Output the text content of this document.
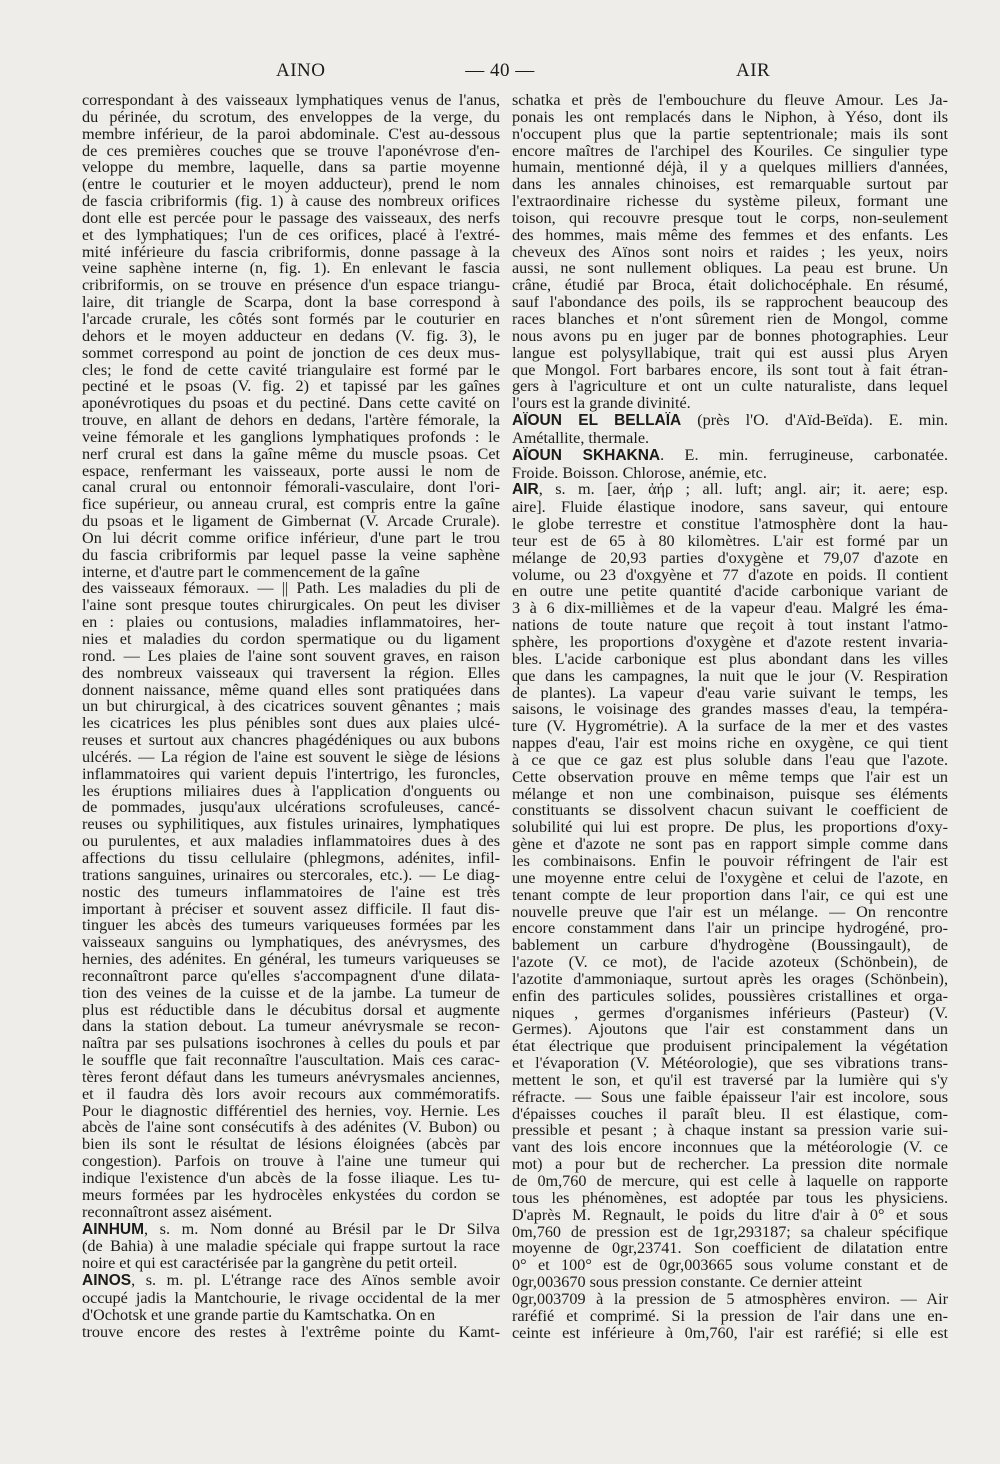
AINO	— 40 —	AIR
correspondant à des vaisseaux lymphatiques venus de l'anus,
du périnée, du scrotum, des enveloppes de la verge, du
membre inférieur, de la paroi abdominale. C'est au-dessous
de ces premières couches que se trouve l'aponévrose d'en-
veloppe du membre, laquelle, dans sa partie moyenne
(entre le couturier et le moyen adducteur), prend le nom
de fascia cribriformis (fig. 1) à cause des nombreux orifices
dont elle est percée pour le passage des vaisseaux, des nerfs
et des lymphatiques; l'un de ces orifices, placé à l'extré-
mité inférieure du fascia cribriformis, donne passage à la
veine saphène interne (n, fig. 1). En enlevant le fascia
cribriformis, on se trouve en présence d'un espace triangu-
laire, dit triangle de Scarpa, dont la base correspond à
l'arcade crurale, les côtés sont formés par le couturier en
dehors et le moyen adducteur en dedans (V. fig. 3), le
sommet correspond au point de jonction de ces deux mus-
cles; le fond de cette cavité triangulaire est formé par le
pectiné et le psoas (V. fig. 2) et tapissé par les gaînes
aponévrotiques du psoas et du pectiné. Dans cette cavité on
trouve, en allant de dehors en dedans, l'artère fémorale, la
veine fémorale et les ganglions lymphatiques profonds : le
nerf crural est dans la gaîne même du muscle psoas. Cet
espace, renfermant les vaisseaux, porte aussi le nom de
canal crural ou entonnoir fémorali-vasculaire, dont l'ori-
fice supérieur, ou anneau crural, est compris entre la gaîne
du psoas et le ligament de Gimbernat (V. Arcade Crurale).
On lui décrit comme orifice inférieur, d'une part le trou
du fascia cribriformis par lequel passe la veine saphène
interne, et d'autre part le commencement de la gaîne
des vaisseaux fémoraux. — || Path. Les maladies du pli de
l'aine sont presque toutes chirurgicales. On peut les diviser
en : plaies ou contusions, maladies inflammatoires, her-
nies et maladies du cordon spermatique ou du ligament
rond. — Les plaies de l'aine sont souvent graves, en raison
des nombreux vaisseaux qui traversent la région. Elles
donnent naissance, même quand elles sont pratiquées dans
un but chirurgical, à des cicatrices souvent gênantes ; mais
les cicatrices les plus pénibles sont dues aux plaies ulcé-
reuses et surtout aux chancres phagédéniques ou aux bubons
ulcérés. — La région de l'aine est souvent le siège de lésions
inflammatoires qui varient depuis l'intertrigo, les furoncles,
les éruptions miliaires dues à l'application d'onguents ou
de pommades, jusqu'aux ulcérations scrofuleuses, cancé-
reuses ou syphilitiques, aux fistules urinaires, lymphatiques
ou purulentes, et aux maladies inflammatoires dues à des
affections du tissu cellulaire (phlegmons, adénites, infil-
trations sanguines, urinaires ou stercorales, etc.). — Le diag-
nostic des tumeurs inflammatoires de l'aine est très
important à préciser et souvent assez difficile. Il faut dis-
tinguer les abcès des tumeurs variqueuses formées par les
vaisseaux sanguins ou lymphatiques, des anévrysmes, des
hernies, des adénites. En général, les tumeurs variqueuses se
reconnaîtront parce qu'elles s'accompagnent d'une dilata-
tion des veines de la cuisse et de la jambe. La tumeur de
plus est réductible dans le décubitus dorsal et augmente
dans la station debout. La tumeur anévrysmale se recon-
naîtra par ses pulsations isochrones à celles du pouls et par
le souffle que fait reconnaître l'auscultation. Mais ces carac-
tères feront défaut dans les tumeurs anévrysmales anciennes,
et il faudra dès lors avoir recours aux commémoratifs.
Pour le diagnostic différentiel des hernies, voy. Hernie. Les
abcès de l'aine sont consécutifs à des adénites (V. Bubon) ou
bien ils sont le résultat de lésions éloignées (abcès par
congestion). Parfois on trouve à l'aine une tumeur qui
indique l'existence d'un abcès de la fosse iliaque. Les tu-
meurs formées par les hydrocèles enkystées du cordon se
reconnaîtront assez aisément.
AINHUM, s. m. Nom donné au Brésil par le Dr Silva
(de Bahia) à une maladie spéciale qui frappe surtout la race
noire et qui est caractérisée par la gangrène du petit orteil.
AINOS, s. m. pl. L'étrange race des Aïnos semble avoir
occupé jadis la Mantchourie, le rivage occidental de la mer
d'Ochotsk et une grande partie du Kamtschatka. On en
trouve encore des restes à l'extrême pointe du Kamt-
schatka et près de l'embouchure du fleuve Amour. Les Ja-
ponais les ont remplacés dans le Niphon, à Yéso, dont ils
n'occupent plus que la partie septentrionale; mais ils sont
encore maîtres de l'archipel des Kouriles. Ce singulier type
humain, mentionné déjà, il y a quelques milliers d'années,
dans les annales chinoises, est remarquable surtout par
l'extraordinaire richesse du système pileux, formant une
toison, qui recouvre presque tout le corps, non-seulement
des hommes, mais même des femmes et des enfants. Les
cheveux des Aïnos sont noirs et raides ; les yeux, noirs
aussi, ne sont nullement obliques. La peau est brune. Un
crâne, étudié par Broca, était dolichocéphale. En résumé,
sauf l'abondance des poils, ils se rapprochent beaucoup des
races blanches et n'ont sûrement rien de Mongol, comme
nous avons pu en juger par de bonnes photographies. Leur
langue est polysyllabique, trait qui est aussi plus Aryen
que Mongol. Fort barbares encore, ils sont tout à fait étran-
gers à l'agriculture et ont un culte naturaliste, dans lequel
l'ours est la grande divinité.
AÏOUN EL BELLAÏA (près l'O. d'Aïd-Beïda). E. min.
Amétallite, thermale.
AÏOUN SKHAKNA. E. min. ferrugineuse, carbonatée.
Froide. Boisson. Chlorose, anémie, etc.
AIR, s. m. [aer, ἀήρ ; all. luft; angl. air; it. aere; esp.
aire]. Fluide élastique inodore, sans saveur, qui entoure
le globe terrestre et constitue l'atmosphère dont la hau-
teur est de 65 à 80 kilomètres. L'air est formé par un
mélange de 20,93 parties d'oxygène et 79,07 d'azote en
volume, ou 23 d'oxgyène et 77 d'azote en poids. Il contient
en outre une petite quantité d'acide carbonique variant de
3 à 6 dix-millièmes et de la vapeur d'eau. Malgré les éma-
nations de toute nature que reçoit à tout instant l'atmo-
sphère, les proportions d'oxygène et d'azote restent invaria-
bles. L'acide carbonique est plus abondant dans les villes
que dans les campagnes, la nuit que le jour (V. Respiration
de plantes). La vapeur d'eau varie suivant le temps, les
saisons, le voisinage des grandes masses d'eau, la tempéra-
ture (V. Hygrométrie). A la surface de la mer et des vastes
nappes d'eau, l'air est moins riche en oxygène, ce qui tient
à ce que ce gaz est plus soluble dans l'eau que l'azote.
Cette observation prouve en même temps que l'air est un
mélange et non une combinaison, puisque ses éléments
constituants se dissolvent chacun suivant le coefficient de
solubilité qui lui est propre. De plus, les proportions d'oxy-
gène et d'azote ne sont pas en rapport simple comme dans
les combinaisons. Enfin le pouvoir réfringent de l'air est
une moyenne entre celui de l'oxygène et celui de l'azote, en
tenant compte de leur proportion dans l'air, ce qui est une
nouvelle preuve que l'air est un mélange. — On rencontre
encore constamment dans l'air un principe hydrogéné, pro-
bablement un carbure d'hydrogène (Boussingault), de
l'azote (V. ce mot), de l'acide azoteux (Schönbein), de
l'azotite d'ammoniaque, surtout après les orages (Schönbein),
enfin des particules solides, poussières cristallines et orga-
niques , germes d'organismes inférieurs (Pasteur) (V.
Germes). Ajoutons que l'air est constamment dans un
état électrique que produisent principalement la végétation
et l'évaporation (V. Météorologie), que ses vibrations trans-
mettent le son, et qu'il est traversé par la lumière qui s'y
réfracte. — Sous une faible épaisseur l'air est incolore, sous
d'épaisses couches il paraît bleu. Il est élastique, com-
pressible et pesant ; à chaque instant sa pression varie sui-
vant des lois encore inconnues que la météorologie (V. ce
mot) a pour but de rechercher. La pression dite normale
de 0m,760 de mercure, qui est celle à laquelle on rapporte
tous les phénomènes, est adoptée par tous les physiciens.
D'après M. Regnault, le poids du litre d'air à 0° et sous
0m,760 de pression est de 1gr,293187; sa chaleur spécifique
moyenne de 0gr,23741. Son coefficient de dilatation entre
0° et 100° est de 0gr,003665 sous volume constant et de
0gr,003670 sous pression constante. Ce dernier atteint
0gr,003709 à la pression de 5 atmosphères environ. — Air
raréfié et comprimé. Si la pression de l'air dans une en-
ceinte est inférieure à 0m,760, l'air est raréfié; si elle est
